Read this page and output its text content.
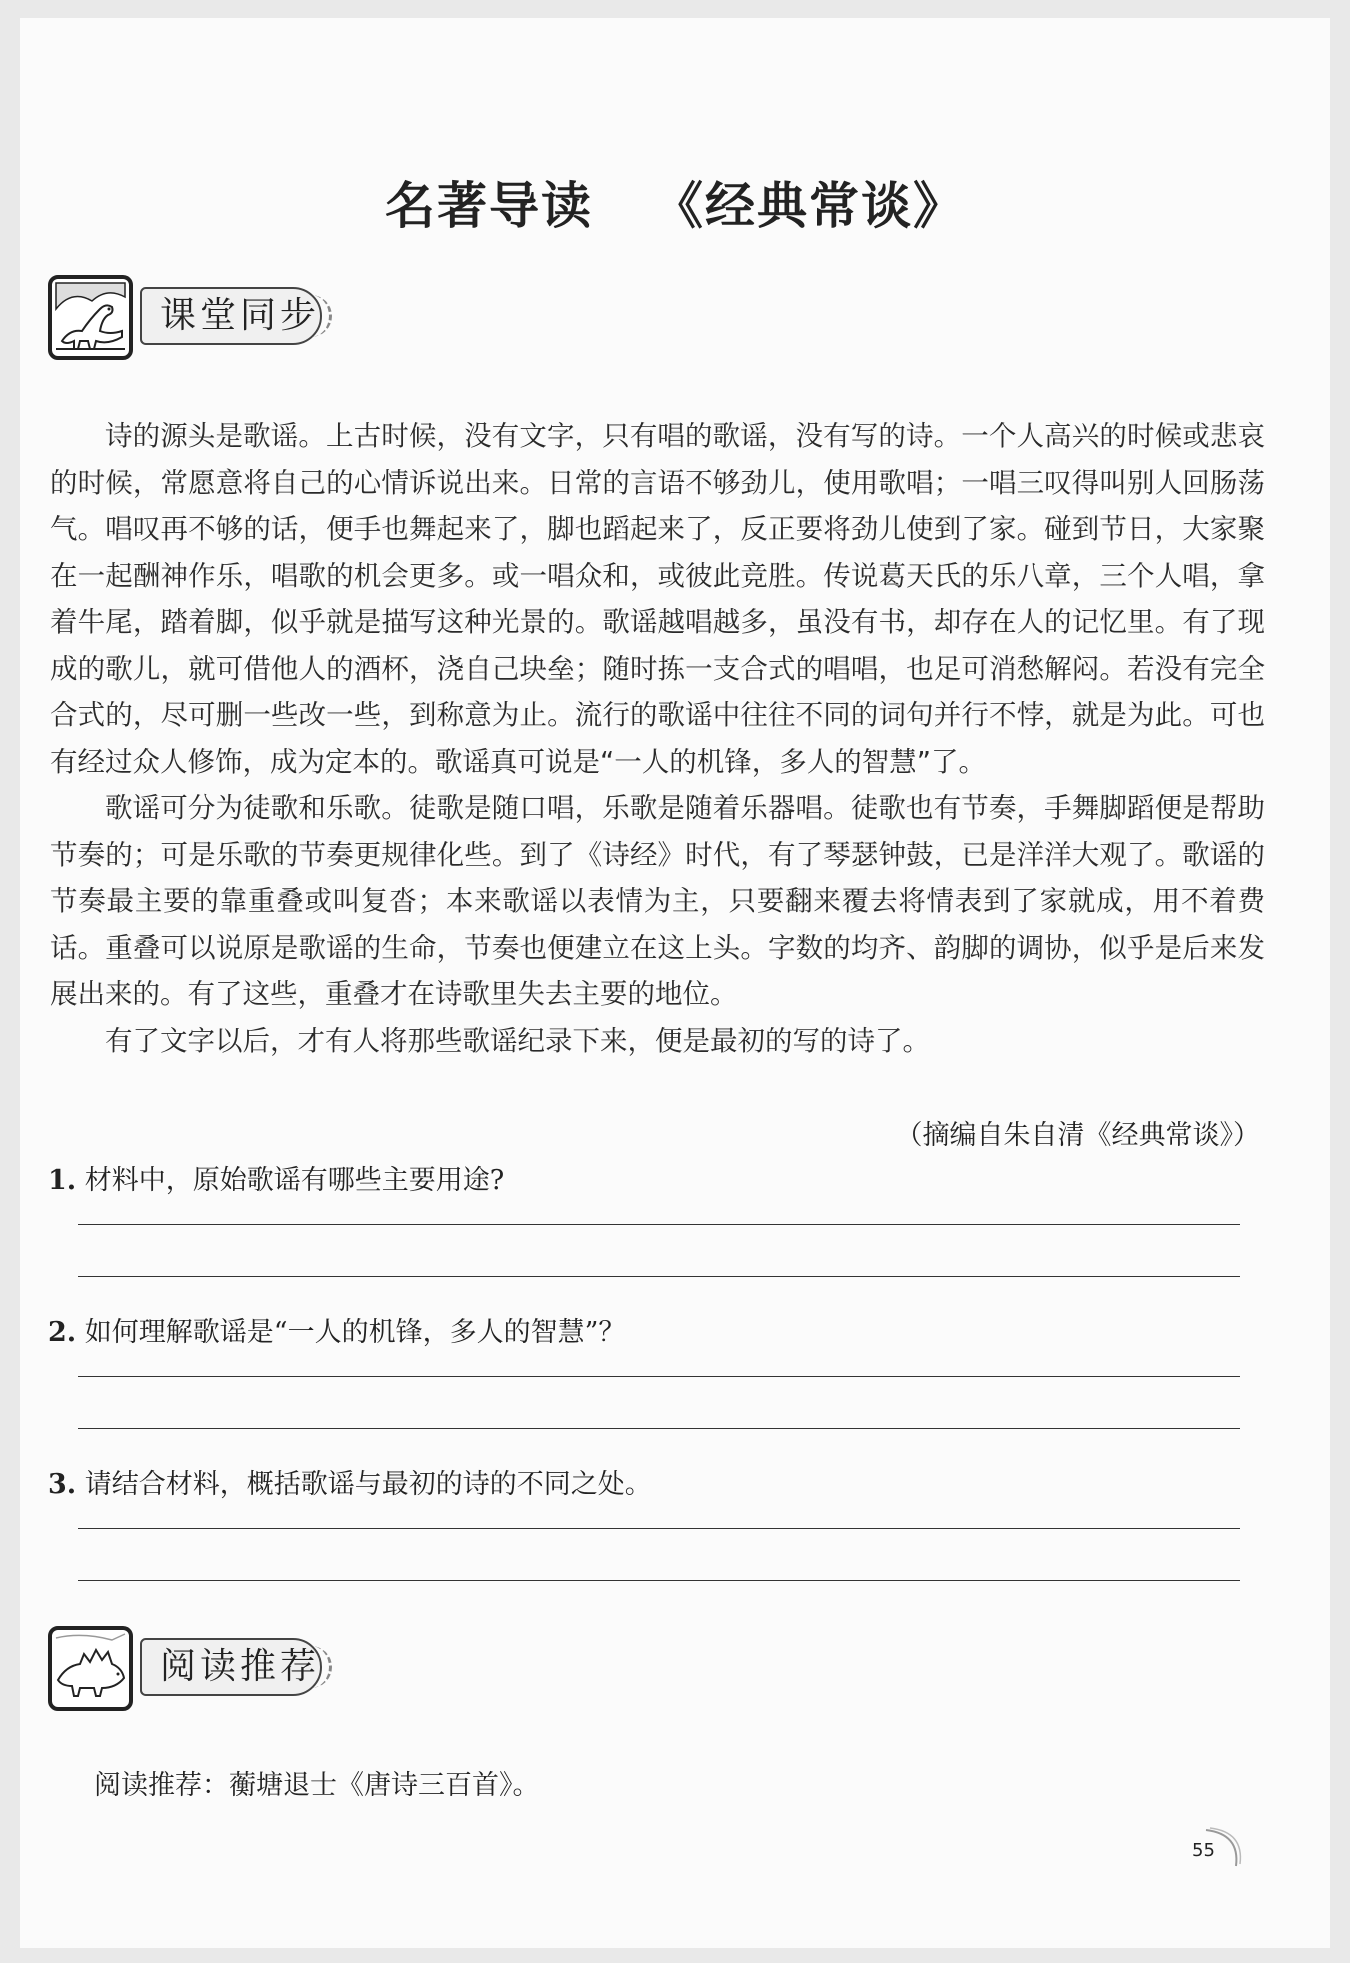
名著导读 《经典常谈》
课堂同步

诗的源头是歌谣。上古时候，没有文字，只有唱的歌谣，没有写的诗。一个人高兴的时候或悲哀的时候，常愿意将自己的心情诉说出来。日常的言语不够劲儿，使用歌唱；一唱三叹得叫别人回肠荡气。唱叹再不够的话，便手也舞起来了，脚也蹈起来了，反正要将劲儿使到了家。碰到节日，大家聚在一起酬神作乐，唱歌的机会更多。或一唱众和，或彼此竞胜。传说葛天氏的乐八章，三个人唱，拿着牛尾，踏着脚，似乎就是描写这种光景的。歌谣越唱越多，虽没有书，却存在人的记忆里。有了现成的歌儿，就可借他人的酒杯，浇自己块垒；随时拣一支合式的唱唱，也足可消愁解闷。若没有完全合式的，尽可删一些改一些，到称意为止。流行的歌谣中往往不同的词句并行不悖，就是为此。可也有经过众人修饰，成为定本的。歌谣真可说是“一人的机锋，多人的智慧”了。

歌谣可分为徒歌和乐歌。徒歌是随口唱，乐歌是随着乐器唱。徒歌也有节奏，手舞脚蹈便是帮助节奏的；可是乐歌的节奏更规律化些。到了《诗经》时代，有了琴瑟钟鼓，已是洋洋大观了。歌谣的节奏最主要的靠重叠或叫复沓；本来歌谣以表情为主，只要翻来覆去将情表到了家就成，用不着费话。重叠可以说原是歌谣的生命，节奏也便建立在这上头。字数的均齐、韵脚的调协，似乎是后来发展出来的。有了这些，重叠才在诗歌里失去主要的地位。

有了文字以后，才有人将那些歌谣纪录下来，便是最初的写的诗了。

（摘编自朱自清《经典常谈》）
1. 材料中，原始歌谣有哪些主要用途?
2. 如何理解歌谣是“一人的机锋，多人的智慧”？
3. 请结合材料，概括歌谣与最初的诗的不同之处。
阅读推荐
阅读推荐：蘅塘退士《唐诗三百首》。
55
